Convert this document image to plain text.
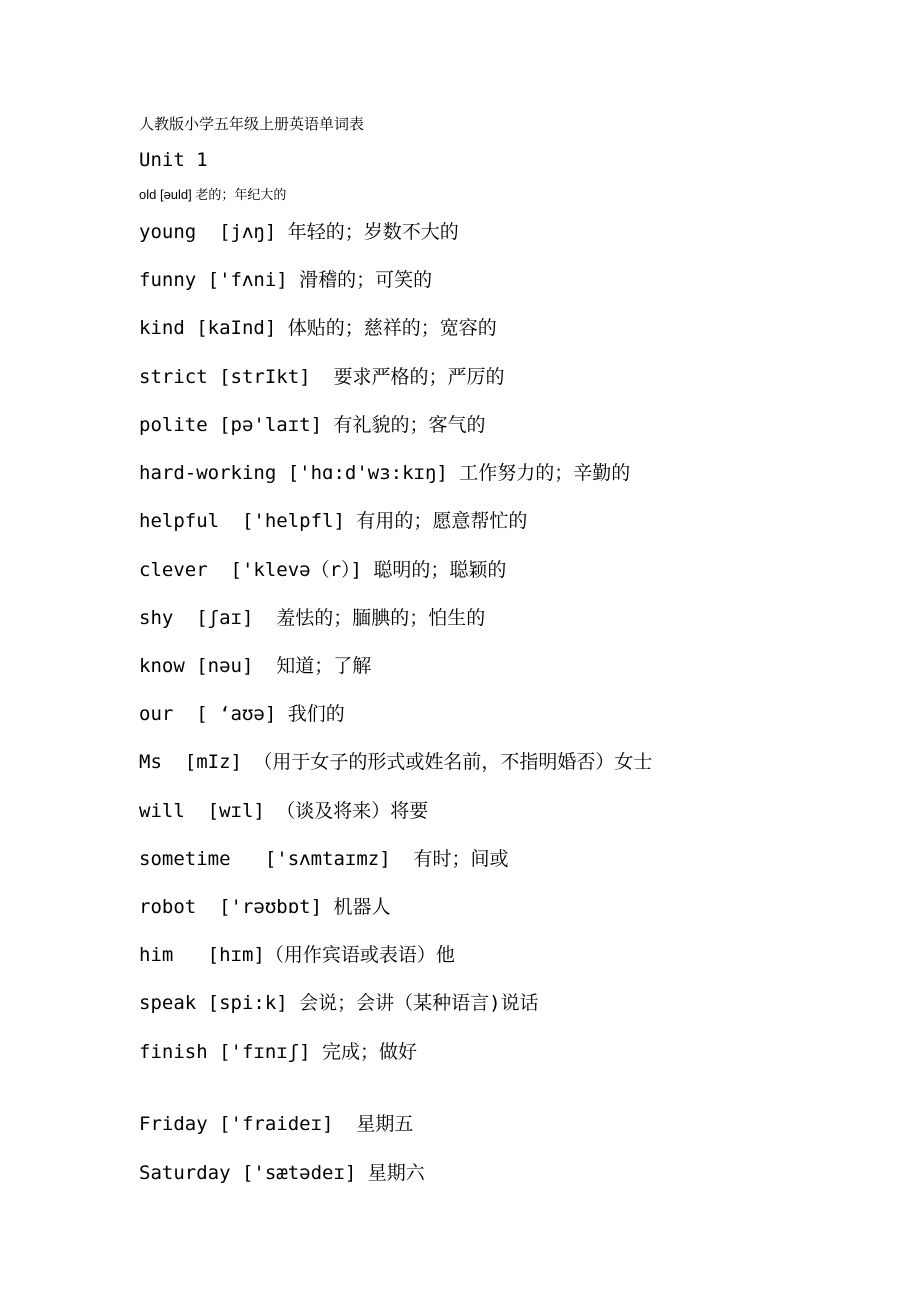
人教版小学五年级上册英语单词表
Unit 1
old [əuld] 老的；年纪大的
young  [jʌŋ] 年轻的；岁数不大的
funny ['fʌni] 滑稽的；可笑的
kind [kaInd] 体贴的；慈祥的；宽容的
strict [strIkt]  要求严格的；严厉的
polite [pə'laɪt] 有礼貌的；客气的
hard-working ['hɑ:d'wɜ:kɪŋ] 工作努力的；辛勤的
helpful  ['helpfl] 有用的；愿意帮忙的
clever  ['klevə（r）] 聪明的；聪颖的
shy  [ʃaɪ]  羞怯的；腼腆的；怕生的
know [nəu]  知道；了解
our  [ ‘aʊə] 我们的
Ms  [mIz] （用于女子的形式或姓名前，不指明婚否）女士
will  [wɪl] （谈及将来）将要
sometime   ['sʌmtaɪmz]  有时；间或
robot  ['rəʊbɒt] 机器人
him   [hɪm]（用作宾语或表语）他
speak [spi:k] 会说；会讲（某种语言)说话
finish ['fɪnɪʃ] 完成；做好
Friday ['fraideɪ]  星期五
Saturday ['sætədeɪ] 星期六
